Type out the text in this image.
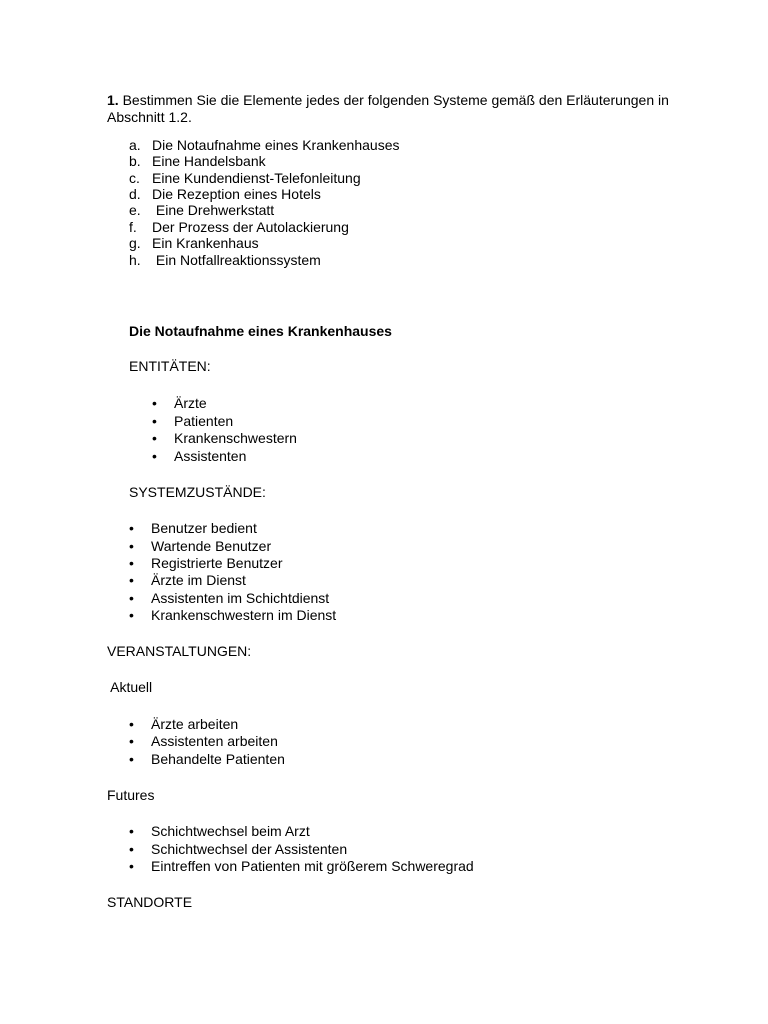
1. Bestimmen Sie die Elemente jedes der folgenden Systeme gemäß den Erläuterungen in Abschnitt 1.2.
a. Die Notaufnahme eines Krankenhauses
b. Eine Handelsbank
c. Eine Kundendienst-Telefonleitung
d. Die Rezeption eines Hotels
e. Eine Drehwerkstatt
f. Der Prozess der Autolackierung
g. Ein Krankenhaus
h. Ein Notfallreaktionssystem
Die Notaufnahme eines Krankenhauses
ENTITÄTEN:
• Ärzte
• Patienten
• Krankenschwestern
• Assistenten
SYSTEMZUSTÄNDE:
• Benutzer bedient
• Wartende Benutzer
• Registrierte Benutzer
• Ärzte im Dienst
• Assistenten im Schichtdienst
• Krankenschwestern im Dienst
VERANSTALTUNGEN:
Aktuell
• Ärzte arbeiten
• Assistenten arbeiten
• Behandelte Patienten
Futures
• Schichtwechsel beim Arzt
• Schichtwechsel der Assistenten
• Eintreffen von Patienten mit größerem Schweregrad
STANDORTE
